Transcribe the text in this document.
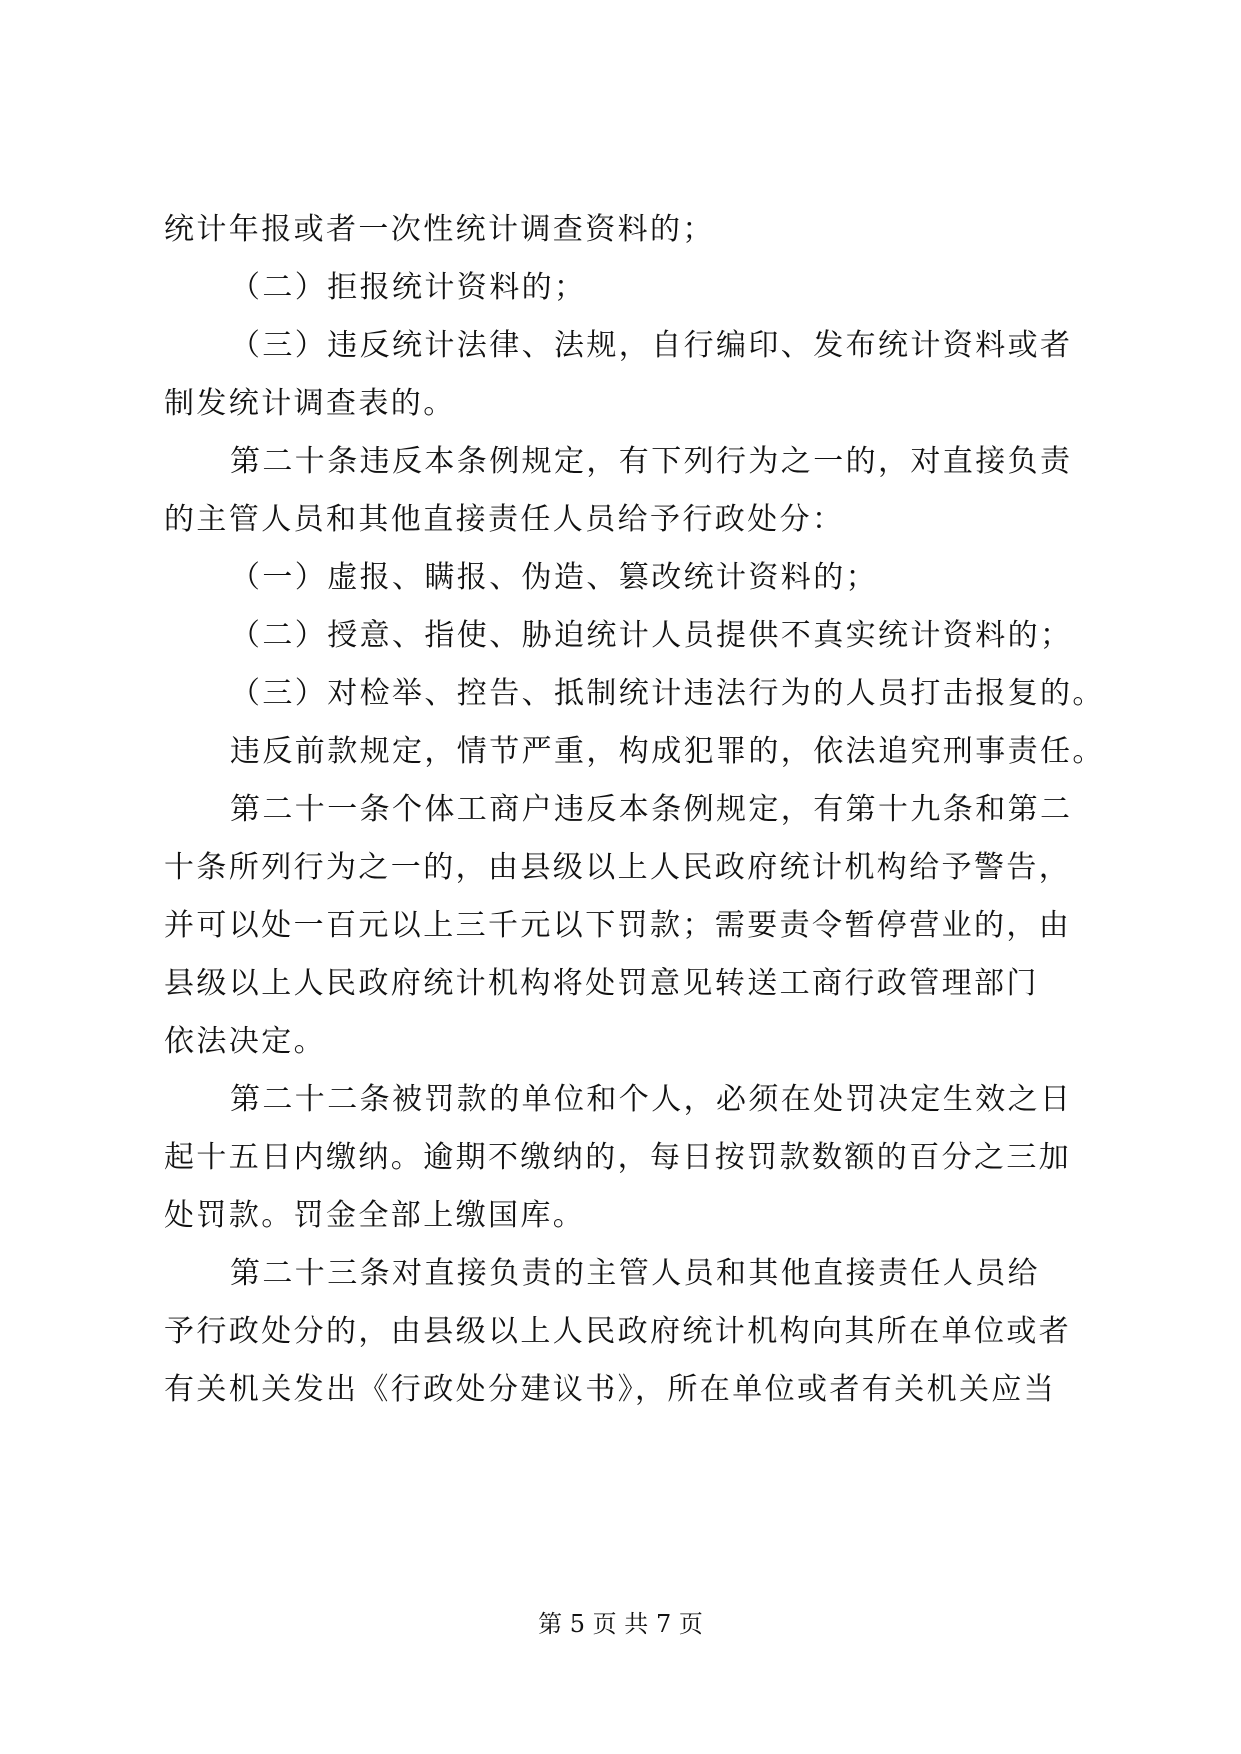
统计年报或者一次性统计调查资料的；
（二）拒报统计资料的；
（三）违反统计法律、法规，自行编印、发布统计资料或者
制发统计调查表的。
第二十条违反本条例规定，有下列行为之一的，对直接负责
的主管人员和其他直接责任人员给予行政处分：
（一）虚报、瞒报、伪造、篡改统计资料的；
（二）授意、指使、胁迫统计人员提供不真实统计资料的；
（三）对检举、控告、抵制统计违法行为的人员打击报复的。
违反前款规定，情节严重，构成犯罪的，依法追究刑事责任。
第二十一条个体工商户违反本条例规定，有第十九条和第二
十条所列行为之一的，由县级以上人民政府统计机构给予警告，
并可以处一百元以上三千元以下罚款；需要责令暂停营业的，由
县级以上人民政府统计机构将处罚意见转送工商行政管理部门
依法决定。
第二十二条被罚款的单位和个人，必须在处罚决定生效之日
起十五日内缴纳。逾期不缴纳的，每日按罚款数额的百分之三加
处罚款。罚金全部上缴国库。
第二十三条对直接负责的主管人员和其他直接责任人员给
予行政处分的，由县级以上人民政府统计机构向其所在单位或者
有关机关发出《行政处分建议书》，所在单位或者有关机关应当
第 5 页 共 7 页
